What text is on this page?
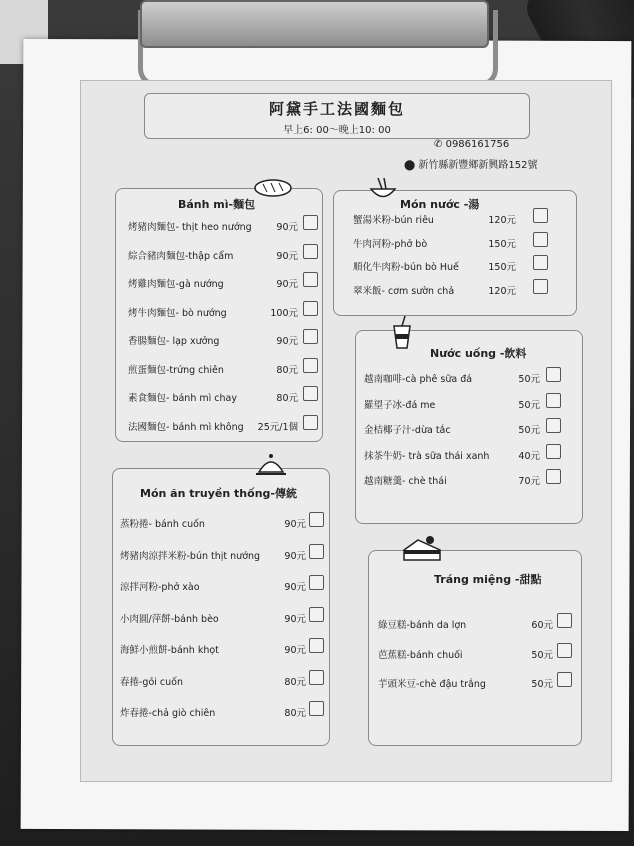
阿黛手工法國麵包
早上6: 00～晚上10: 00
✆ 0986161756
⬤ 新竹縣新豐鄉新興路152號
Bánh mì-麵包
烤豬肉麵包- thịt heo nướng	90元
綜合豬肉麵包-thập cẩm	90元
烤雞肉麵包-gà nướng	90元
烤牛肉麵包- bò nướng	100元
香腸麵包- lạp xưởng	90元
煎蛋麵包-trứng chiên	80元
素食麵包- bánh mì chay	80元
法國麵包- bánh mì không	25元/1個
Món nước -湯
蟹湯米粉-bún riêu	120元
牛肉河粉-phở bò	150元
順化牛肉粉-bún bò Huế	150元
翠米飯- cơm sườn chả	120元
Nước uống -飲料
越南咖啡-cà phê sữa đá	50元
羅望子冰-đá me	50元
金桔椰子汁-dừa tắc	50元
抹茶牛奶- trà sữa thái xanh	40元
越南糖羹- chè thái	70元
Món ăn truyền thống-傳統
蒸粉捲- bánh cuốn	90元
烤豬肉涼拌米粉-bún thịt nướng	90元
涼拌河粉-phở xào	90元
小肉圓/萍餅-bánh bèo	90元
海鮮小煎餅-bánh khọt	90元
春捲-gỏi cuốn	80元
炸春捲-chả giò chiên	80元
Tráng miệng -甜點
綠豆糕-bánh da lợn	60元
芭蕉糕-bánh chuối	50元
芋頭米豆-chè đậu trắng	50元
